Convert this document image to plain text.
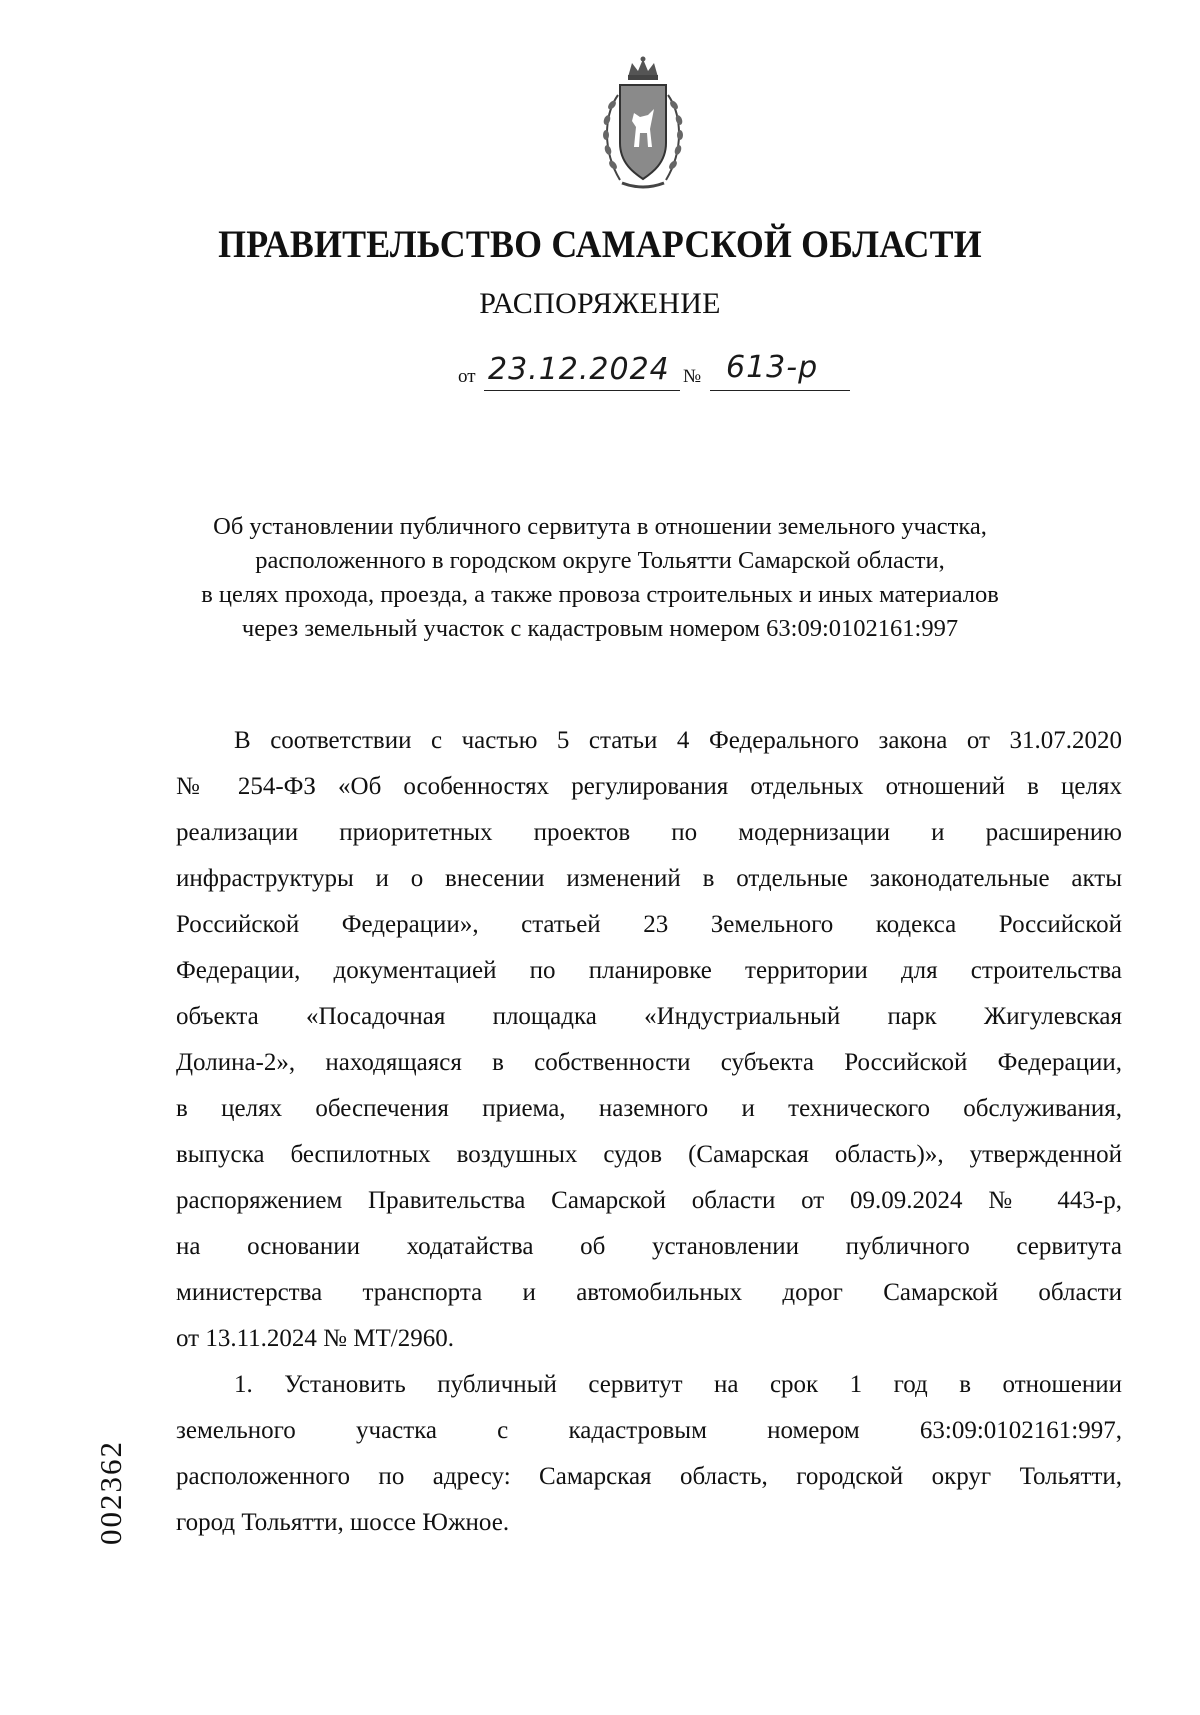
ПРАВИТЕЛЬСТВО САМАРСКОЙ ОБЛАСТИ
РАСПОРЯЖЕНИЕ
от 23.12.2024 № 613-р
Об установлении публичного сервитута в отношении земельного участка,
расположенного в городском округе Тольятти Самарской области,
в целях прохода, проезда, а также провоза строительных и иных материалов
через земельный участок с кадастровым номером 63:09:0102161:997
В соответствии с частью 5 статьи 4 Федерального закона от 31.07.2020
№ 254-ФЗ «Об особенностях регулирования отдельных отношений в целях
реализации приоритетных проектов по модернизации и расширению
инфраструктуры и о внесении изменений в отдельные законодательные акты
Российской Федерации», статьей 23 Земельного кодекса Российской
Федерации, документацией по планировке территории для строительства
объекта «Посадочная площадка «Индустриальный парк Жигулевская
Долина-2», находящаяся в собственности субъекта Российской Федерации,
в целях обеспечения приема, наземного и технического обслуживания,
выпуска беспилотных воздушных судов (Самарская область)», утвержденной
распоряжением Правительства Самарской области от 09.09.2024 № 443-р,
на основании ходатайства об установлении публичного сервитута
министерства транспорта и автомобильных дорог Самарской области
от 13.11.2024 № МТ/2960.
1. Установить публичный сервитут на срок 1 год в отношении
земельного участка с кадастровым номером 63:09:0102161:997,
расположенного по адресу: Самарская область, городской округ Тольятти,
город Тольятти, шоссе Южное.
002362
